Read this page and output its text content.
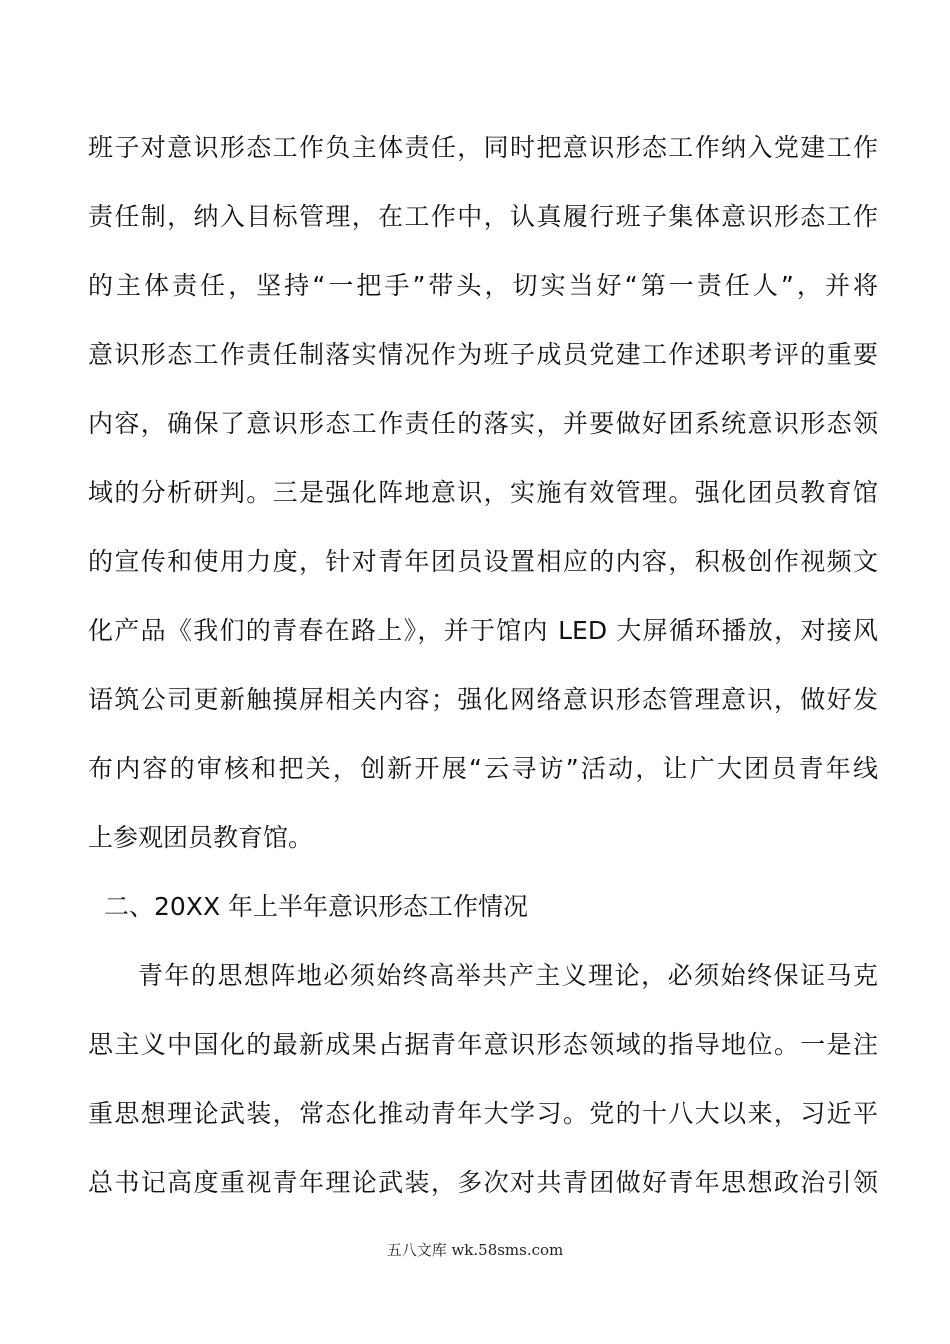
班子对意识形态工作负主体责任，同时把意识形态工作纳入党建工作
责任制，纳入目标管理，在工作中，认真履行班子集体意识形态工作
的主体责任，坚持“一把手”带头，切实当好“第一责任人”，并将
意识形态工作责任制落实情况作为班子成员党建工作述职考评的重要
内容，确保了意识形态工作责任的落实，并要做好团系统意识形态领
域的分析研判。三是强化阵地意识，实施有效管理。强化团员教育馆
的宣传和使用力度，针对青年团员设置相应的内容，积极创作视频文
化产品《我们的青春在路上》，并于馆内 LED 大屏循环播放，对接风
语筑公司更新触摸屏相关内容；强化网络意识形态管理意识，做好发
布内容的审核和把关，创新开展“云寻访”活动，让广大团员青年线
上参观团员教育馆。
二、20XX 年上半年意识形态工作情况
青年的思想阵地必须始终高举共产主义理论，必须始终保证马克
思主义中国化的最新成果占据青年意识形态领域的指导地位。一是注
重思想理论武装，常态化推动青年大学习。党的十八大以来，习近平
总书记高度重视青年理论武装，多次对共青团做好青年思想政治引领
五八文库 wk.58sms.com
